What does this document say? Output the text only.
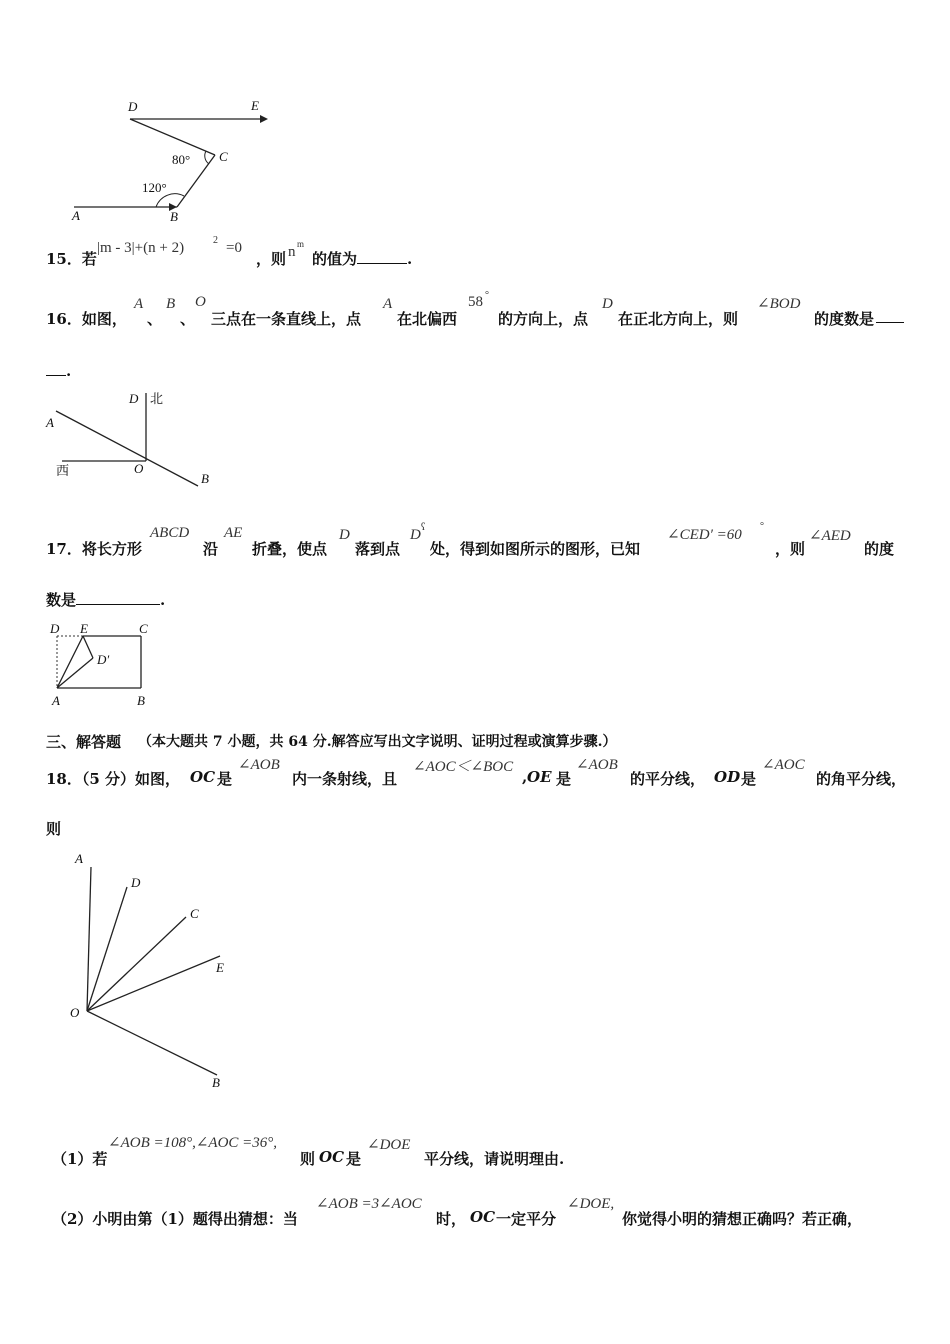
D	E
C
A	B
80°
120°
15．若
|m - 3|+(n + 2)	2 =0
，则 n m
的值为	.
16．如图，
A
、
B
、
O
三点在一条直线上，点
A
在北偏西
58 °
的方向上，点
D
在正北方向上，则
∠BOD
的度数是
.
D 北
A
西	O
B
17．将长方形
ABCD
沿
AE
折叠，使点
D
落到点
D ʕ
处，得到如图所示的图形，已知
∠CED′ =60
°
，则
∠AED
的度
数是	.
D E	C
D′
A	B
三、解答题 （本大题共 7 小题，共 64 分.解答应写出文字说明、证明过程或演算步骤.）
18．（5 分）如图， OC 是
∠AOB
内一条射线，且
∠AOC＜∠BOC
, OE 是
∠AOB
的平分线， OD 是
∠AOC
的角平分线，
则
A
D
C
E
O
B
（1）若
∠AOB =108°,∠AOC =36°,
则 OC 是
∠DOE
平分线，请说明理由.
（2）小明由第（1）题得出猜想：当
∠AOB =3∠AOC
时， OC 一定平分
∠DOE,
你觉得小明的猜想正确吗？若正确，
